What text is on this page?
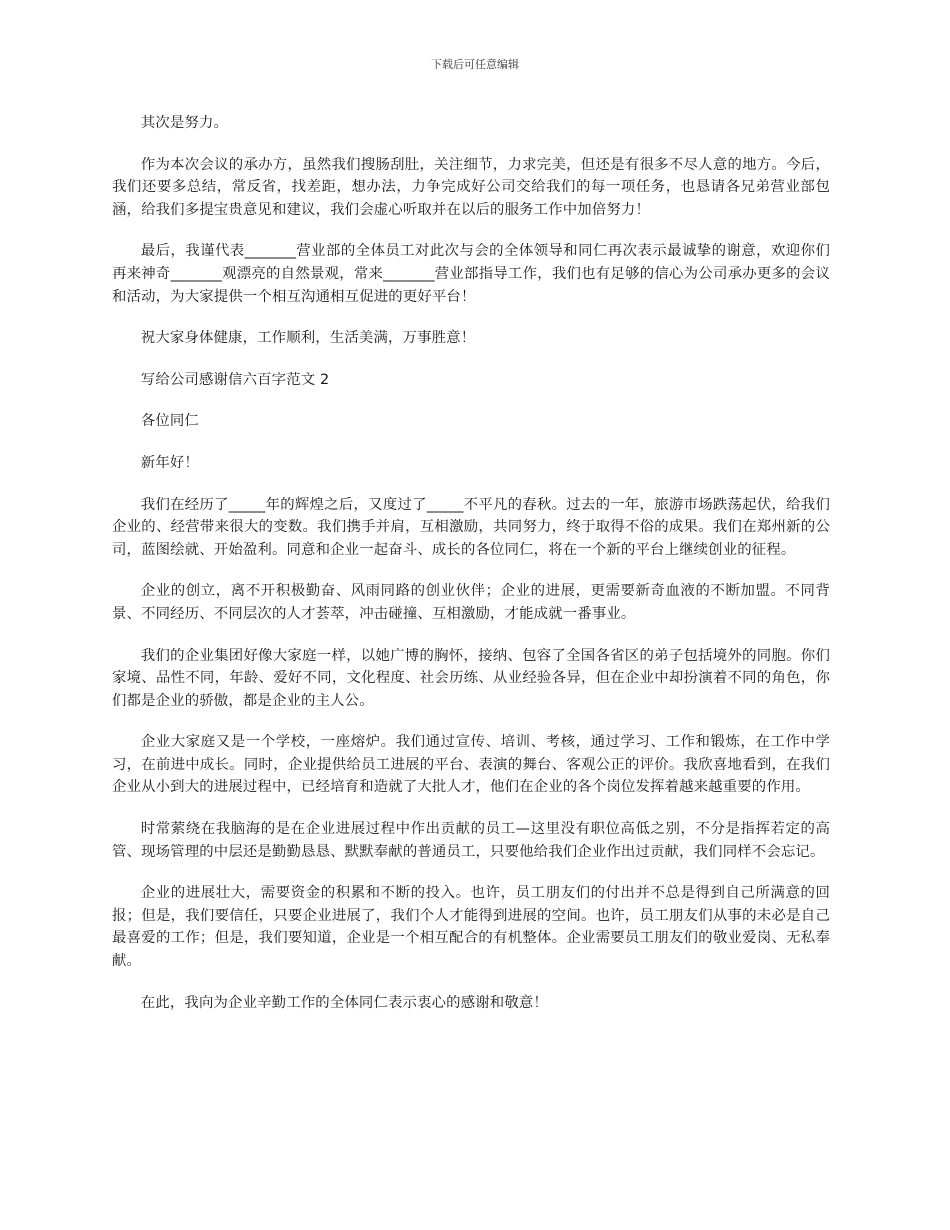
下载后可任意编辑

其次是努力。

作为本次会议的承办方，虽然我们搜肠刮肚，关注细节，力求完美，但还是有很多不尽人意的地方。今后，我们还要多总结，常反省，找差距，想办法，力争完成好公司交给我们的每一项任务，也恳请各兄弟营业部包涵，给我们多提宝贵意见和建议，我们会虚心听取并在以后的服务工作中加倍努力！

最后，我谨代表_______营业部的全体员工对此次与会的全体领导和同仁再次表示最诚挚的谢意，欢迎你们再来神奇_______观漂亮的自然景观，常来_______营业部指导工作，我们也有足够的信心为公司承办更多的会议和活动，为大家提供一个相互沟通相互促进的更好平台！

祝大家身体健康，工作顺利，生活美满，万事胜意！

写给公司感谢信六百字范文 2

各位同仁

新年好！

我们在经历了_____年的辉煌之后，又度过了_____不平凡的春秋。过去的一年，旅游市场跌荡起伏，给我们企业的、经营带来很大的变数。我们携手并肩，互相激励，共同努力，终于取得不俗的成果。我们在郑州新的公司，蓝图绘就、开始盈利。同意和企业一起奋斗、成长的各位同仁，将在一个新的平台上继续创业的征程。

企业的创立，离不开积极勤奋、风雨同路的创业伙伴；企业的进展，更需要新奇血液的不断加盟。不同背景、不同经历、不同层次的人才荟萃，冲击碰撞、互相激励，才能成就一番事业。

我们的企业集团好像大家庭一样，以她广博的胸怀，接纳、包容了全国各省区的弟子包括境外的同胞。你们家境、品性不同，年龄、爱好不同，文化程度、社会历练、从业经验各异，但在企业中却扮演着不同的角色，你们都是企业的骄傲，都是企业的主人公。

企业大家庭又是一个学校，一座熔炉。我们通过宣传、培训、考核，通过学习、工作和锻炼，在工作中学习，在前进中成长。同时，企业提供给员工进展的平台、表演的舞台、客观公正的评价。我欣喜地看到，在我们企业从小到大的进展过程中，已经培育和造就了大批人才，他们在企业的各个岗位发挥着越来越重要的作用。

时常萦绕在我脑海的是在企业进展过程中作出贡献的员工—这里没有职位高低之别，不分是指挥若定的高管、现场管理的中层还是勤勤恳恳、默默奉献的普通员工，只要他给我们企业作出过贡献，我们同样不会忘记。

企业的进展壮大，需要资金的积累和不断的投入。也许，员工朋友们的付出并不总是得到自己所满意的回报；但是，我们要信任，只要企业进展了，我们个人才能得到进展的空间。也许，员工朋友们从事的未必是自己最喜爱的工作；但是，我们要知道，企业是一个相互配合的有机整体。企业需要员工朋友们的敬业爱岗、无私奉献。

在此，我向为企业辛勤工作的全体同仁表示衷心的感谢和敬意！
